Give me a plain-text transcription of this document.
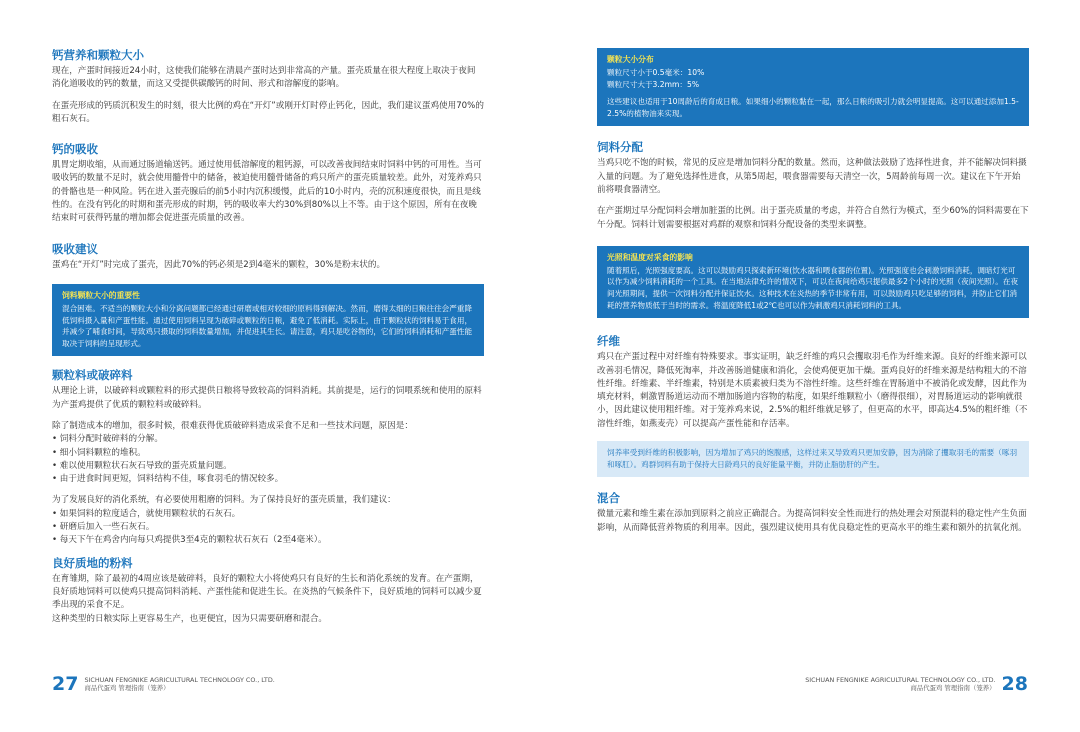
钙营养和颗粒大小

现在，产蛋时间接近24小时，这使我们能够在清晨产蛋时达到非常高的产量。蛋壳质量在很大程度上取决于夜间消化道吸收的钙的数量，而这又受提供碳酸钙的时间、形式和溶解度的影响。

在蛋壳形成的钙质沉积发生的时刻，很大比例的鸡在“开灯”或刚开灯时停止钙化，因此，我们建议蛋鸡使用70%的粗石灰石。

钙的吸收

肌胃定期收缩，从而通过肠道输送钙。通过使用低溶解度的粗钙源，可以改善夜间结束时饲料中钙的可用性。当可吸收钙的数量不足时，就会使用髓骨中的储备，被迫使用髓骨储备的鸡只所产的蛋壳质量较差。此外，对笼养鸡只的骨骼也是一种风险。钙在进入蛋壳腺后的前5小时内沉积缓慢，此后的10小时内，壳的沉积速度很快，而且是线性的。在没有钙化的时期和蛋壳形成的时期，钙的吸收率大约30%到80%以上不等。由于这个原因，所有在夜晚结束时可获得钙量的增加都会促进蛋壳质量的改善。

吸收建议

蛋鸡在“开灯”时完成了蛋壳，因此70%的钙必须是2到4毫米的颗粒，30%是粉末状的。

饲料颗粒大小的重要性

混合困难。不适当的颗粒大小和分离问题都已经通过研磨或相对较细的原料得到解决。然而，磨得太细的日粮往往会严重降低饲料摄入量和产蛋性能。通过使用饲料呈现为破碎或颗粒的日粮，避免了低消耗。实际上，由于颗粒状的饲料易于食用，并减少了哺食时间，导致鸡只摄取的饲料数量增加，并促进其生长。请注意，鸡只是吃谷物的，它们的饲料消耗和产蛋性能取决于饲料的呈现形式。

颗粒料或破碎料

从理论上讲，以破碎料或颗粒料的形式提供日粮将导致较高的饲料消耗。其前提是，运行的饲喂系统和使用的原料为产蛋鸡提供了优质的颗粒料或破碎料。

除了制造成本的增加，很多时候，很难获得优质破碎料造成采食不足和一些技术问题，原因是：

• 饲料分配时破碎料的分解。
• 细小饲料颗粒的堆积。
• 难以使用颗粒状石灰石导致的蛋壳质量问题。
• 由于进食时间更短，饲料结构不佳，啄食羽毛的情况较多。

为了发展良好的消化系统，有必要使用粗磨的饲料。为了保持良好的蛋壳质量，我们建议：

• 如果饲料的粒度适合，就使用颗粒状的石灰石。
• 研磨后加入一些石灰石。
• 每天下午在鸡舍内向每只鸡提供3至4克的颗粒状石灰石（2至4毫米）。
良好质地的粉料

在育雏期，除了最初的4周应该是破碎料，良好的颗粒大小将使鸡只有良好的生长和消化系统的发育。在产蛋期，良好质地饲料可以使鸡只提高饲料消耗、产蛋性能和促进生长。在炎热的气候条件下，良好质地的饲料可以减少夏季出现的采食不足。

这种类型的日粮实际上更容易生产，也更便宜，因为只需要研磨和混合。

颗粒大小分布

颗粒尺寸小于0.5毫米：10%

颗粒尺寸大于3.2mm：5%

这些建议也适用于10周龄后的育成日粮。如果细小的颗粒黏在一起，那么日粮的吸引力就会明显提高。这可以通过添加1.5-2.5%的植物油来实现。

饲料分配

当鸡只吃不饱的时候，常见的反应是增加饲料分配的数量。然而，这种做法鼓励了选择性进食，并不能解决饲料摄入量的问题。为了避免选择性进食，从第5周起，喂食器需要每天清空一次，5周龄前每周一次。建议在下午开始前将喂食器清空。

在产蛋期过早分配饲料会增加脏蛋的比例。出于蛋壳质量的考虑，并符合自然行为模式，至少60%的饲料需要在下午分配。饲料计划需要根据对鸡群的观察和饲料分配设备的类型来调整。

光照和温度对采食的影响

随着照后，光照强度要高。这可以鼓励鸡只探索新环境(饮水器和喂食器的位置)。光照强度也会刺激饲料消耗，调暗灯光可以作为减少饲料消耗的一个工具。在当地法律允许的情况下，可以在夜间给鸡只提供最多2个小时的光照（夜间光照）。在夜间光照期间，提供一次饲料分配并保证饮水。这种技术在炎热的季节非常有用，可以鼓励鸡只吃足够的饲料，并防止它们消耗的营养物质低于当时的需求。将温度降低1或2℃也可以作为刺激鸡只消耗饲料的工具。

纤维

鸡只在产蛋过程中对纤维有特殊要求。事实证明，缺乏纤维的鸡只会攫取羽毛作为纤维来源。良好的纤维来源可以改善羽毛情况，降低死淘率，并改善肠道健康和消化，会使鸡便更加干燥。蛋鸡良好的纤维来源是结构粗大的不溶性纤维。纤维素、半纤维素，特别是木质素被归类为不溶性纤维。这些纤维在胃肠道中不被消化或发酵，因此作为填充材料，刺激胃肠道运动而不增加肠道内容物的粘度，如果纤维颗粒小（磨得很细），对胃肠道运动的影响就很小，因此建议使用粗纤维。对于笼养鸡来说，2.5%的粗纤维就足够了，但更高的水平，即高达4.5%的粗纤维（不溶性纤维，如燕麦壳）可以提高产蛋性能和存活率。

饲养率受到纤维的积极影响，因为增加了鸡只的饱腹感，这样过来又导致鸡只更加安静，因为消除了攫取羽毛的需要（啄羽和啄肛）。鸡群饲料有助于保持大日龄鸡只的良好能量平衡，并防止脂肪肝的产生。

混合

微量元素和维生素在添加到原料之前应正确混合。为提高饲料安全性而进行的热处理会对预混料的稳定性产生负面影响，从而降低营养物质的利用率。因此，强烈建议使用具有优良稳定性的更高水平的维生素和额外的抗氧化剂。

27 SICHUAN FENGNIKE AGRICULTURAL TECHNOLOGY CO., LTD.
商品代蛋鸡 管理指南（笼养）
SICHUAN FENGNIKE AGRICULTURAL TECHNOLOGY CO., LTD.
商品代蛋鸡 管理指南（笼养） 28
